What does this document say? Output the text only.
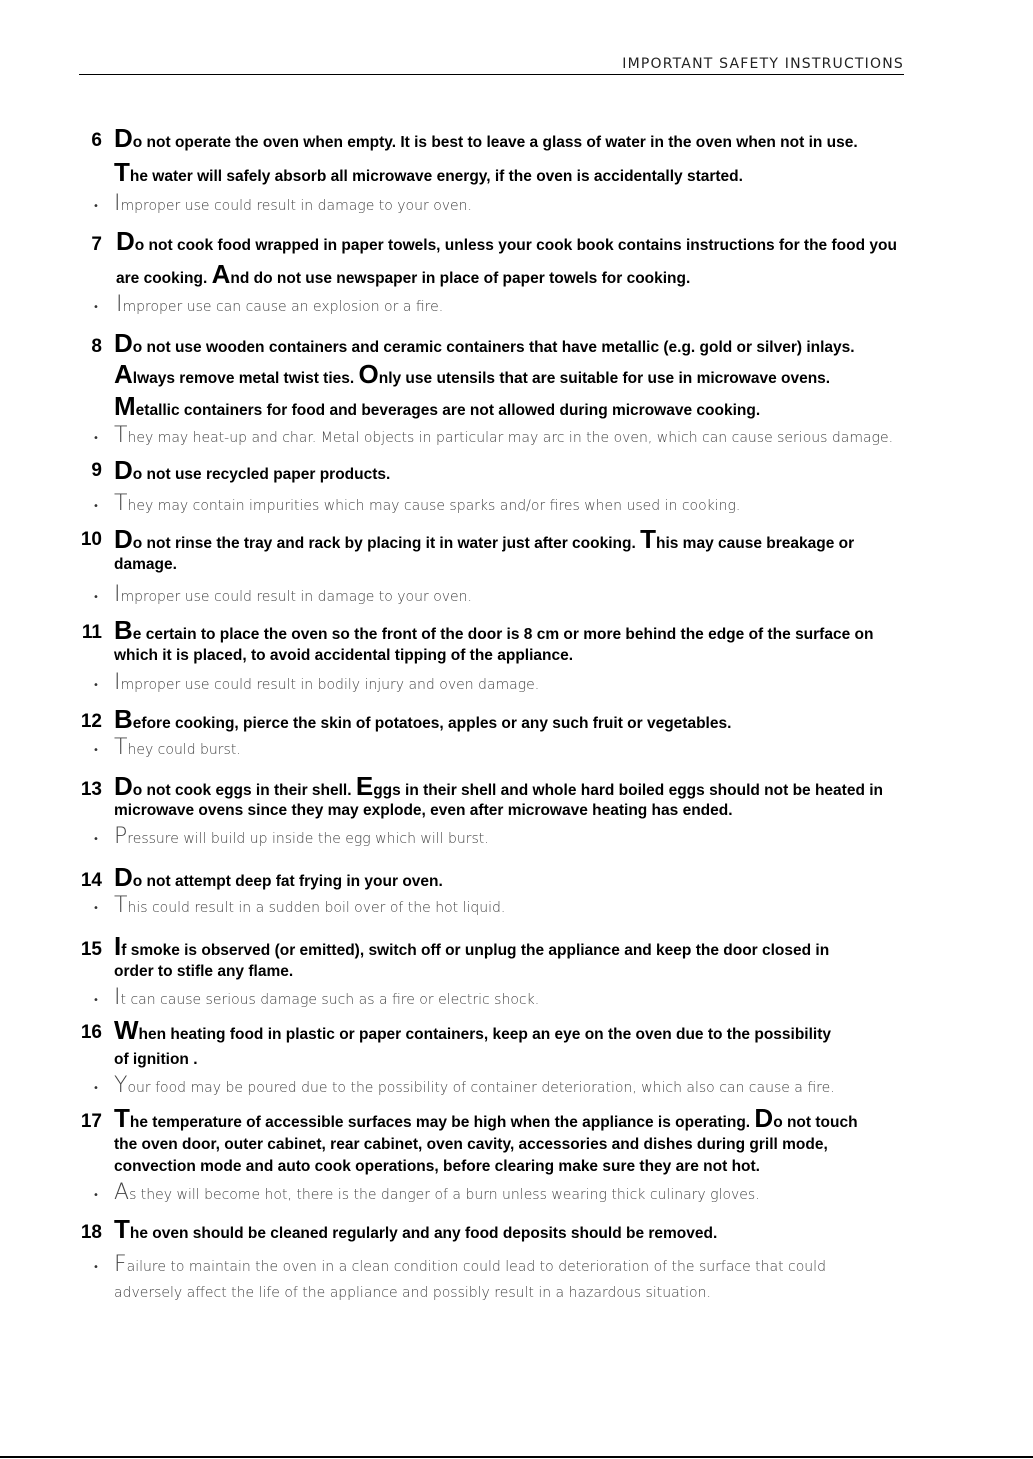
IMPORTANT SAFETY INSTRUCTIONS
6 Do not operate the oven when empty. It is best to leave a glass of water in the oven when not in use.
The water will safely absorb all microwave energy, if the oven is accidentally started.
• Improper use could result in damage to your oven.
7 Do not cook food wrapped in paper towels, unless your cook book contains instructions for the food you
are cooking. And do not use newspaper in place of paper towels for cooking.
• Improper use can cause an explosion or a fire.
8 Do not use wooden containers and ceramic containers that have metallic (e.g. gold or silver) inlays.
Always remove metal twist ties. Only use utensils that are suitable for use in microwave ovens.
Metallic containers for food and beverages are not allowed during microwave cooking.
• They may heat-up and char. Metal objects in particular may arc in the oven, which can cause serious damage.
9 Do not use recycled paper products.
• They may contain impurities which may cause sparks and/or fires when used in cooking.
10 Do not rinse the tray and rack by placing it in water just after cooking. This may cause breakage or
damage.
• Improper use could result in damage to your oven.
11 Be certain to place the oven so the front of the door is 8 cm or more behind the edge of the surface on
which it is placed, to avoid accidental tipping of the appliance.
• Improper use could result in bodily injury and oven damage.
12 Before cooking, pierce the skin of potatoes, apples or any such fruit or vegetables.
• They could burst.
13 Do not cook eggs in their shell. Eggs in their shell and whole hard boiled eggs should not be heated in
microwave ovens since they may explode, even after microwave heating has ended.
• Pressure will build up inside the egg which will burst.
14 Do not attempt deep fat frying in your oven.
• This could result in a sudden boil over of the hot liquid.
15 If smoke is observed (or emitted), switch off or unplug the appliance and keep the door closed in
order to stifle any flame.
• It can cause serious damage such as a fire or electric shock.
16 When heating food in plastic or paper containers, keep an eye on the oven due to the possibility
of ignition .
• Your food may be poured due to the possibility of container deterioration, which also can cause a fire.
17 The temperature of accessible surfaces may be high when the appliance is operating. Do not touch
the oven door, outer cabinet, rear cabinet, oven cavity, accessories and dishes during grill mode,
convection mode and auto cook operations, before clearing make sure they are not hot.
• As they will become hot, there is the danger of a burn unless wearing thick culinary gloves.
18 The oven should be cleaned regularly and any food deposits should be removed.
• Failure to maintain the oven in a clean condition could lead to deterioration of the surface that could
adversely affect the life of the appliance and possibly result in a hazardous situation.
